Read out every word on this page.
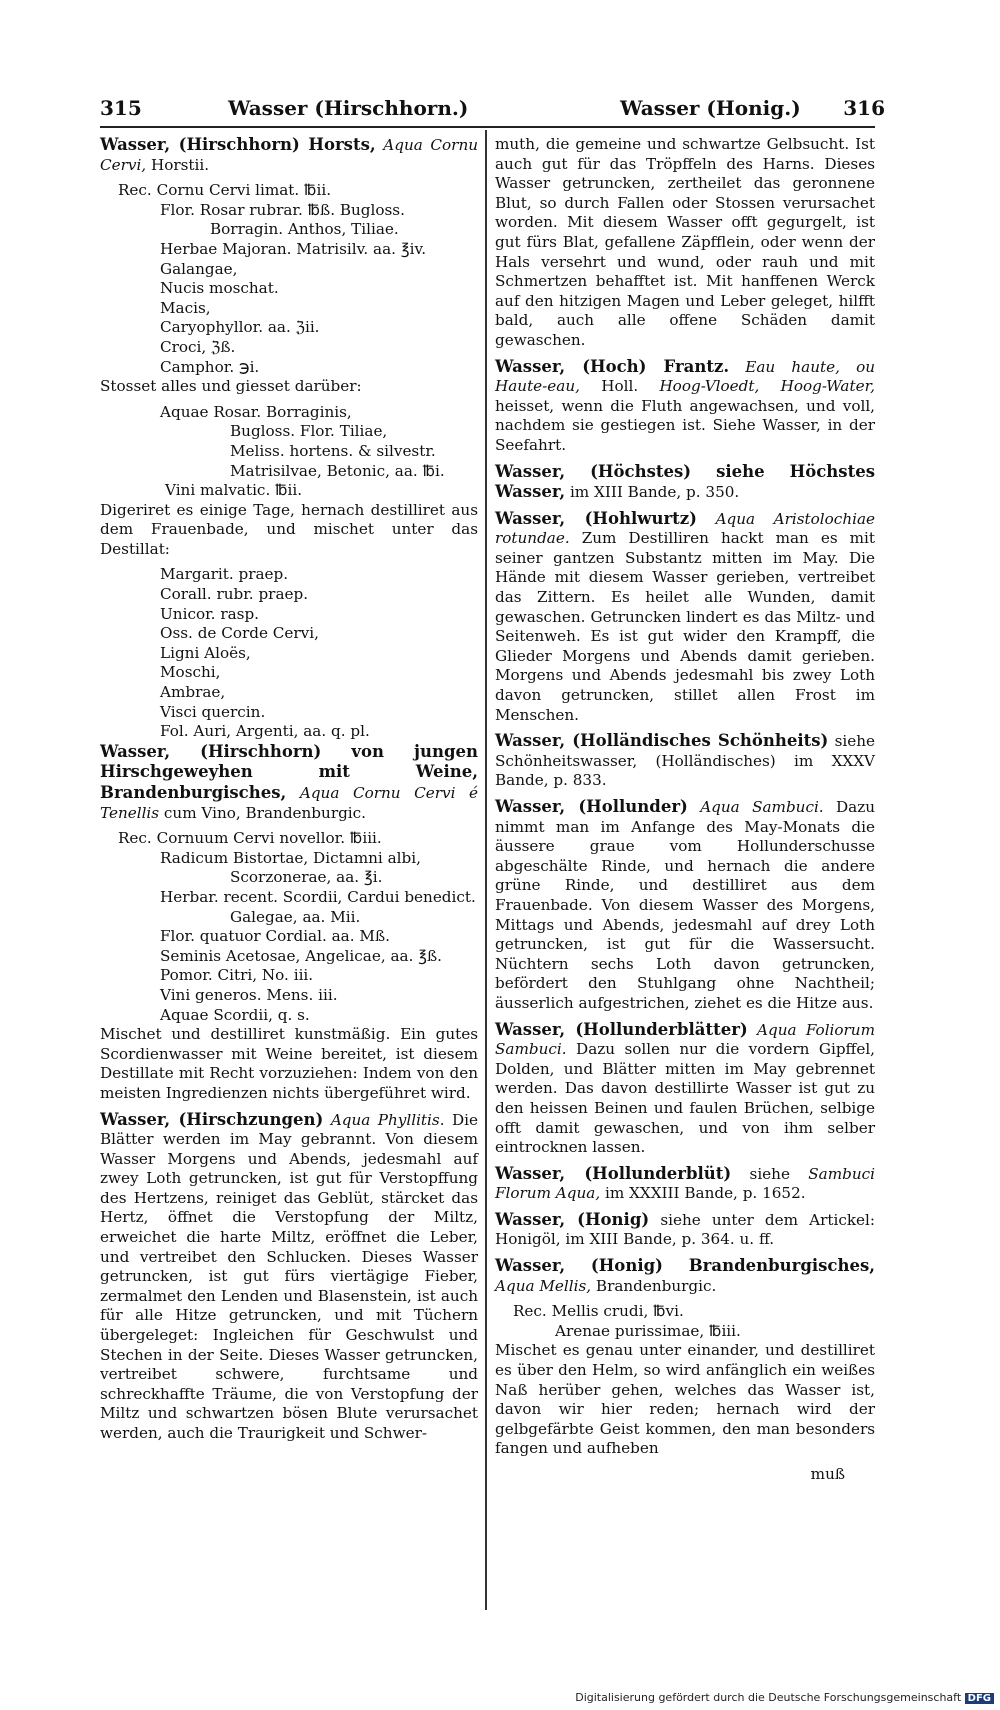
315	Wasser (Hirschhorn.)	Wasser (Honig.) 316

Wasser, (Hirschhorn) Horsts, Aqua Cornu Cervi, Horstii.

Rec. Cornu Cervi limat. ℔ii.

Flor. Rosar rubrar. ℔ß. Bugloss.

Borragin. Anthos, Tiliae.

Herbae Majoran. Matrisilv. aa. ℥iv.

Galangae,

Nucis moschat.

Macis,

Caryophyllor. aa. ℨii.

Croci, ℨß.

Camphor. ℈i.

Stosset alles und giesset darüber:

Aquae Rosar. Borraginis,

Bugloss. Flor. Tiliae,

Meliss. hortens. & silvestr.

Matrisilvae, Betonic, aa. ℔i.

Vini malvatic. ℔ii.

Digeriret es einige Tage, hernach destilliret aus dem Frauenbade, und mischet unter das Destillat:

Margarit. praep.

Corall. rubr. praep.

Unicor. rasp.

Oss. de Corde Cervi,

Ligni Aloës,

Moschi,

Ambrae,

Visci quercin.

Fol. Auri, Argenti, aa. q. pl.

Wasser, (Hirschhorn) von jungen Hirschgeweyhen mit Weine, Brandenburgisches, Aqua Cornu Cervi é Tenellis cum Vino, Brandenburgic.

Rec. Cornuum Cervi novellor. ℔iii.

Radicum Bistortae, Dictamni albi,

Scorzonerae, aa. ℥i.

Herbar. recent. Scordii, Cardui benedict.

Galegae, aa. Mii.

Flor. quatuor Cordial. aa. Mß.

Seminis Acetosae, Angelicae, aa. ℥ß.

Pomor. Citri, No. iii.

Vini generos. Mens. iii.

Aquae Scordii, q. s.

Mischet und destilliret kunstmäßig. Ein gutes Scordienwasser mit Weine bereitet, ist diesem Destillate mit Recht vorzuziehen: Indem von den meisten Ingredienzen nichts übergeführet wird.

Wasser, (Hirschzungen) Aqua Phyllitis. Die Blätter werden im May gebrannt. Von diesem Wasser Morgens und Abends, jedesmahl auf zwey Loth getruncken, ist gut für Verstopffung des Hertzens, reiniget das Geblüt, stärcket das Hertz, öffnet die Verstopfung der Miltz, erweichet die harte Miltz, eröffnet die Leber, und vertreibet den Schlucken. Dieses Wasser getruncken, ist gut fürs viertägige Fieber, zermalmet den Lenden und Blasenstein, ist auch für alle Hitze getruncken, und mit Tüchern übergeleget: Ingleichen für Geschwulst und Stechen in der Seite. Dieses Wasser getruncken, vertreibet schwere, furchtsame und schreckhaffte Träume, die von Verstopfung der Miltz und schwartzen bösen Blute verursachet werden, auch die Traurigkeit und Schwer-

muth, die gemeine und schwartze Gelbsucht. Ist auch gut für das Tröpffeln des Harns. Dieses Wasser getruncken, zertheilet das geronnene Blut, so durch Fallen oder Stossen verursachet worden. Mit diesem Wasser offt gegurgelt, ist gut fürs Blat, gefallene Zäpfflein, oder wenn der Hals versehrt und wund, oder rauh und mit Schmertzen behafftet ist. Mit hanffenen Werck auf den hitzigen Magen und Leber geleget, hilfft bald, auch alle offene Schäden damit gewaschen.

Wasser, (Hoch) Frantz. Eau haute, ou Haute-eau, Holl. Hoog-Vloedt, Hoog-Water, heisset, wenn die Fluth angewachsen, und voll, nachdem sie gestiegen ist. Siehe Wasser, in der Seefahrt.

Wasser, (Höchstes) siehe Höchstes Wasser, im XIII Bande, p. 350.

Wasser, (Hohlwurtz) Aqua Aristolochiae rotundae. Zum Destilliren hackt man es mit seiner gantzen Substantz mitten im May. Die Hände mit diesem Wasser gerieben, vertreibet das Zittern. Es heilet alle Wunden, damit gewaschen. Getruncken lindert es das Miltz- und Seitenweh. Es ist gut wider den Krampff, die Glieder Morgens und Abends damit gerieben. Morgens und Abends jedesmahl bis zwey Loth davon getruncken, stillet allen Frost im Menschen.

Wasser, (Holländisches Schönheits) siehe Schönheitswasser, (Holländisches) im XXXV Bande, p. 833.

Wasser, (Hollunder) Aqua Sambuci. Dazu nimmt man im Anfange des May-Monats die äussere graue vom Hollunderschusse abgeschälte Rinde, und hernach die andere grüne Rinde, und destilliret aus dem Frauenbade. Von diesem Wasser des Morgens, Mittags und Abends, jedesmahl auf drey Loth getruncken, ist gut für die Wassersucht. Nüchtern sechs Loth davon getruncken, befördert den Stuhlgang ohne Nachtheil; äusserlich aufgestrichen, ziehet es die Hitze aus.

Wasser, (Hollunderblätter) Aqua Foliorum Sambuci. Dazu sollen nur die vordern Gipffel, Dolden, und Blätter mitten im May gebrennet werden. Das davon destillirte Wasser ist gut zu den heissen Beinen und faulen Brüchen, selbige offt damit gewaschen, und von ihm selber eintrocknen lassen.

Wasser, (Hollunderblüt) siehe Sambuci Florum Aqua, im XXXIII Bande, p. 1652.

Wasser, (Honig) siehe unter dem Artickel: Honigöl, im XIII Bande, p. 364. u. ff.

Wasser, (Honig) Brandenburgisches, Aqua Mellis, Brandenburgic.

Rec. Mellis crudi, ℔vi.

Arenae purissimae, ℔iii.

Mischet es genau unter einander, und destilliret es über den Helm, so wird anfänglich ein weißes Naß herüber gehen, welches das Wasser ist, davon wir hier reden; hernach wird der gelbgefärbte Geist kommen, den man besonders fangen und aufheben

muß

Digitalisierung gefördert durch die Deutsche Forschungsgemeinschaft DFG
